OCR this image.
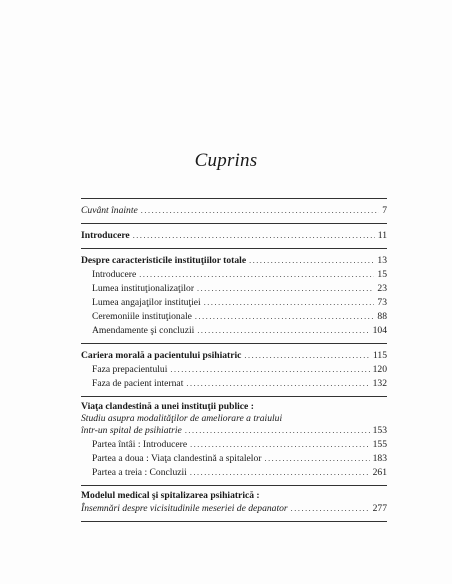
Cuprins
Cuvânt înainte .....	7
Introducere .....	11
Despre caracteristicile instituţiilor totale .....	13
Introducere .....	15
Lumea instituţionalizaţilor .....	23
Lumea angajaţilor instituţiei .....	73
Ceremoniile instituţionale .....	88
Amendamente şi concluzii .....	104
Cariera morală a pacientului psihiatric .....	115
Faza prepacientului .....	120
Faza de pacient internat .....	132
Viaţa clandestină a unei instituţii publice :
Studiu asupra modalităţilor de ameliorare a traiului
într-un spital de psihiatrie .....	153
Partea întâi : Introducere .....	155
Partea a doua : Viaţa clandestină a spitalelor .....	183
Partea a treia : Concluzii .....	261
Modelul medical şi spitalizarea psihiatrică :
Însemnări despre vicisitudinile meseriei de depanator .....	277
